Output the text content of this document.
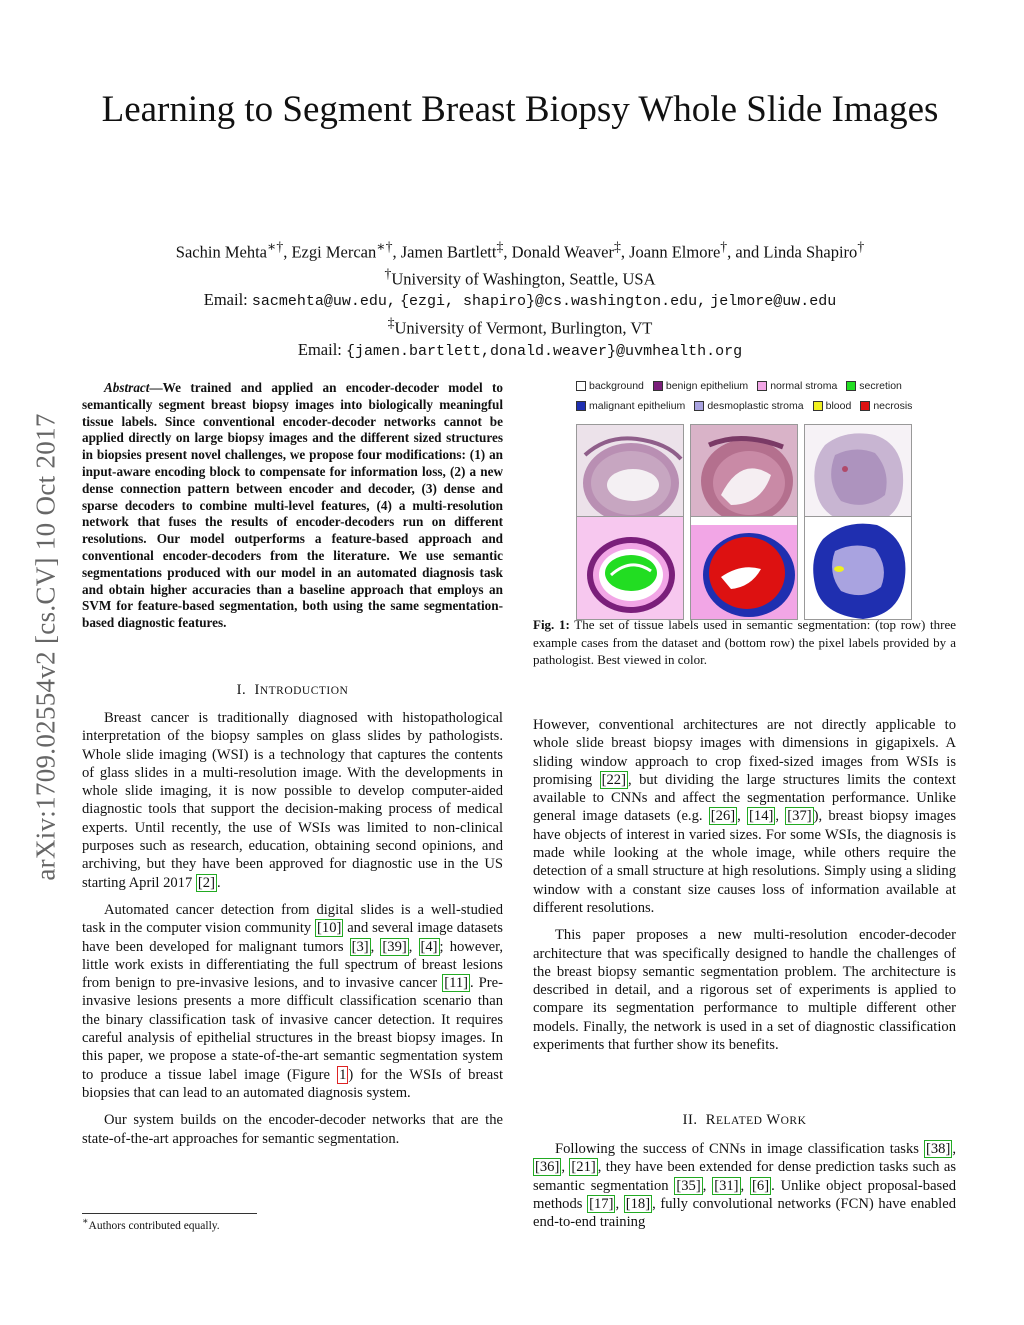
Learning to Segment Breast Biopsy Whole Slide Images
Sachin Mehta∗†, Ezgi Mercan∗†, Jamen Bartlett‡, Donald Weaver‡, Joann Elmore†, and Linda Shapiro†
†University of Washington, Seattle, USA
Email: sacmehta@uw.edu, {ezgi, shapiro}@cs.washington.edu, jelmore@uw.edu
‡University of Vermont, Burlington, VT
Email: {jamen.bartlett,donald.weaver}@uvmhealth.org
arXiv:1709.02554v2 [cs.CV] 10 Oct 2017
Abstract—We trained and applied an encoder-decoder model to semantically segment breast biopsy images into biologically meaningful tissue labels. Since conventional encoder-decoder networks cannot be applied directly on large biopsy images and the different sized structures in biopsies present novel challenges, we propose four modifications: (1) an input-aware encoding block to compensate for information loss, (2) a new dense connection pattern between encoder and decoder, (3) dense and sparse decoders to combine multi-level features, (4) a multi-resolution network that fuses the results of encoder-decoders run on different resolutions. Our model outperforms a feature-based approach and conventional encoder-decoders from the literature. We use semantic segmentations produced with our model in an automated diagnosis task and obtain higher accuracies than a baseline approach that employs an SVM for feature-based segmentation, both using the same segmentation-based diagnostic features.
I. INTRODUCTION

Breast cancer is traditionally diagnosed with histopathological interpretation of the biopsy samples on glass slides by pathologists. Whole slide imaging (WSI) is a technology that captures the contents of glass slides in a multi-resolution image. With the developments in whole slide imaging, it is now possible to develop computer-aided diagnostic tools that support the decision-making process of medical experts. Until recently, the use of WSIs was limited to non-clinical purposes such as research, education, obtaining second opinions, and archiving, but they have been approved for diagnostic use in the US starting April 2017 [2] .

Automated cancer detection from digital slides is a well-studied task in the computer vision community [10] and several image datasets have been developed for malignant tumors [3] , [39] , [4] ; however, little work exists in differentiating the full spectrum of breast lesions from benign to pre-invasive lesions, and to invasive cancer [11] . Pre-invasive lesions presents a more difficult classification scenario than the binary classification task of invasive cancer detection. It requires careful analysis of epithelial structures in the breast biopsy images. In this paper, we propose a state-of-the-art semantic segmentation system to produce a tissue label image (Figure 1 ) for the WSIs of breast biopsies that can lead to an automated diagnosis system.

Our system builds on the encoder-decoder networks that are the state-of-the-art approaches for semantic segmentation.

∗Authors contributed equally.
background benign epithelium normal stroma secretion
malignant epithelium desmoplastic stroma blood necrosis
Fig. 1: The set of tissue labels used in semantic segmentation: (top row) three example cases from the dataset and (bottom row) the pixel labels provided by a pathologist. Best viewed in color.

However, conventional architectures are not directly applicable to whole slide breast biopsy images with dimensions in gigapixels. A sliding window approach to crop fixed-sized images from WSIs is promising [22] , but dividing the large structures limits the context available to CNNs and affect the segmentation performance. Unlike general image datasets (e.g. [26] , [14] , [37] ), breast biopsy images have objects of interest in varied sizes. For some WSIs, the diagnosis is made while looking at the whole image, while others require the detection of a small structure at high resolutions. Simply using a sliding window with a constant size causes loss of information available at different resolutions.

This paper proposes a new multi-resolution encoder-decoder architecture that was specifically designed to handle the challenges of the breast biopsy semantic segmentation problem. The architecture is described in detail, and a rigorous set of experiments is applied to compare its segmentation performance to multiple different other models. Finally, the network is used in a set of diagnostic classification experiments that further show its benefits.

II. RELATED WORK

Following the success of CNNs in image classification tasks [38] , [36] , [21] , they have been extended for dense prediction tasks such as semantic segmentation [35] , [31] , [6] . Unlike object proposal-based methods [17] , [18] , fully convolutional networks (FCN) have enabled end-to-end training
